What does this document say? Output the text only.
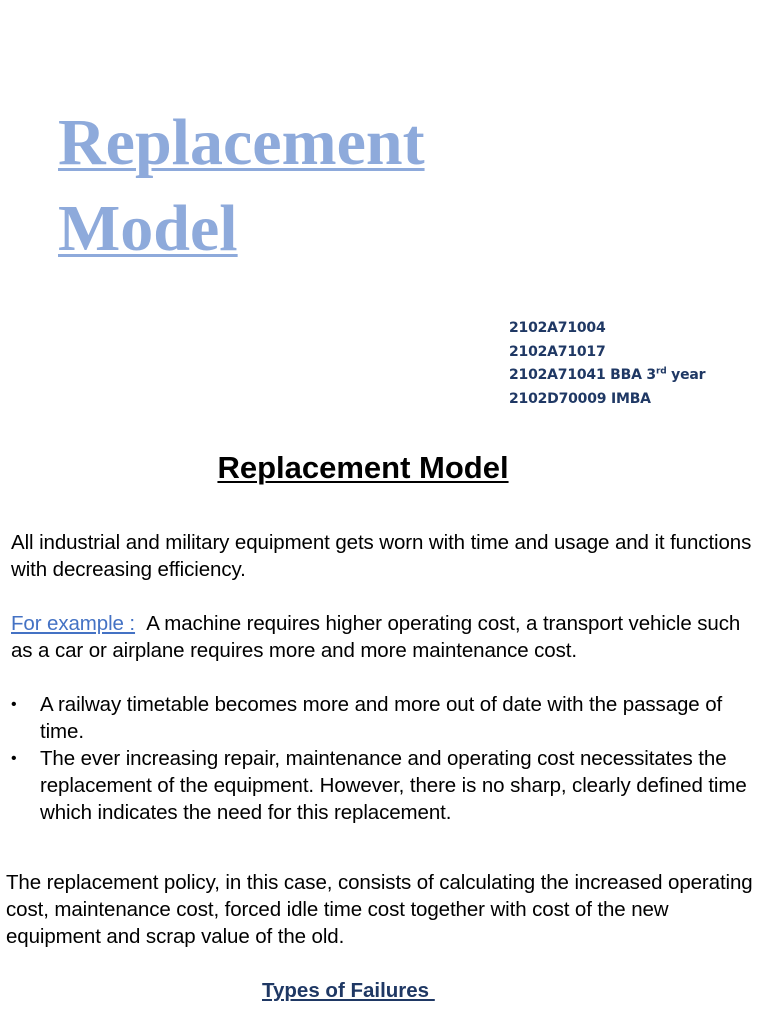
Replacement
Model
2102A71004
2102A71017
2102A71041 BBA 3rd year
2102D70009 IMBA
Replacement Model

All industrial and military equipment gets worn with time and usage and it functions with decreasing efficiency.

For example : A machine requires higher operating cost, a transport vehicle such as a car or airplane requires more and more maintenance cost.

• A railway timetable becomes more and more out of date with the passage of time.
• The ever increasing repair, maintenance and operating cost necessitates the replacement of the equipment. However, there is no sharp, clearly defined time which indicates the need for this replacement.

The replacement policy, in this case, consists of calculating the increased operating cost, maintenance cost, forced idle time cost together with cost of the new equipment and scrap value of the old.

Types of Failures
